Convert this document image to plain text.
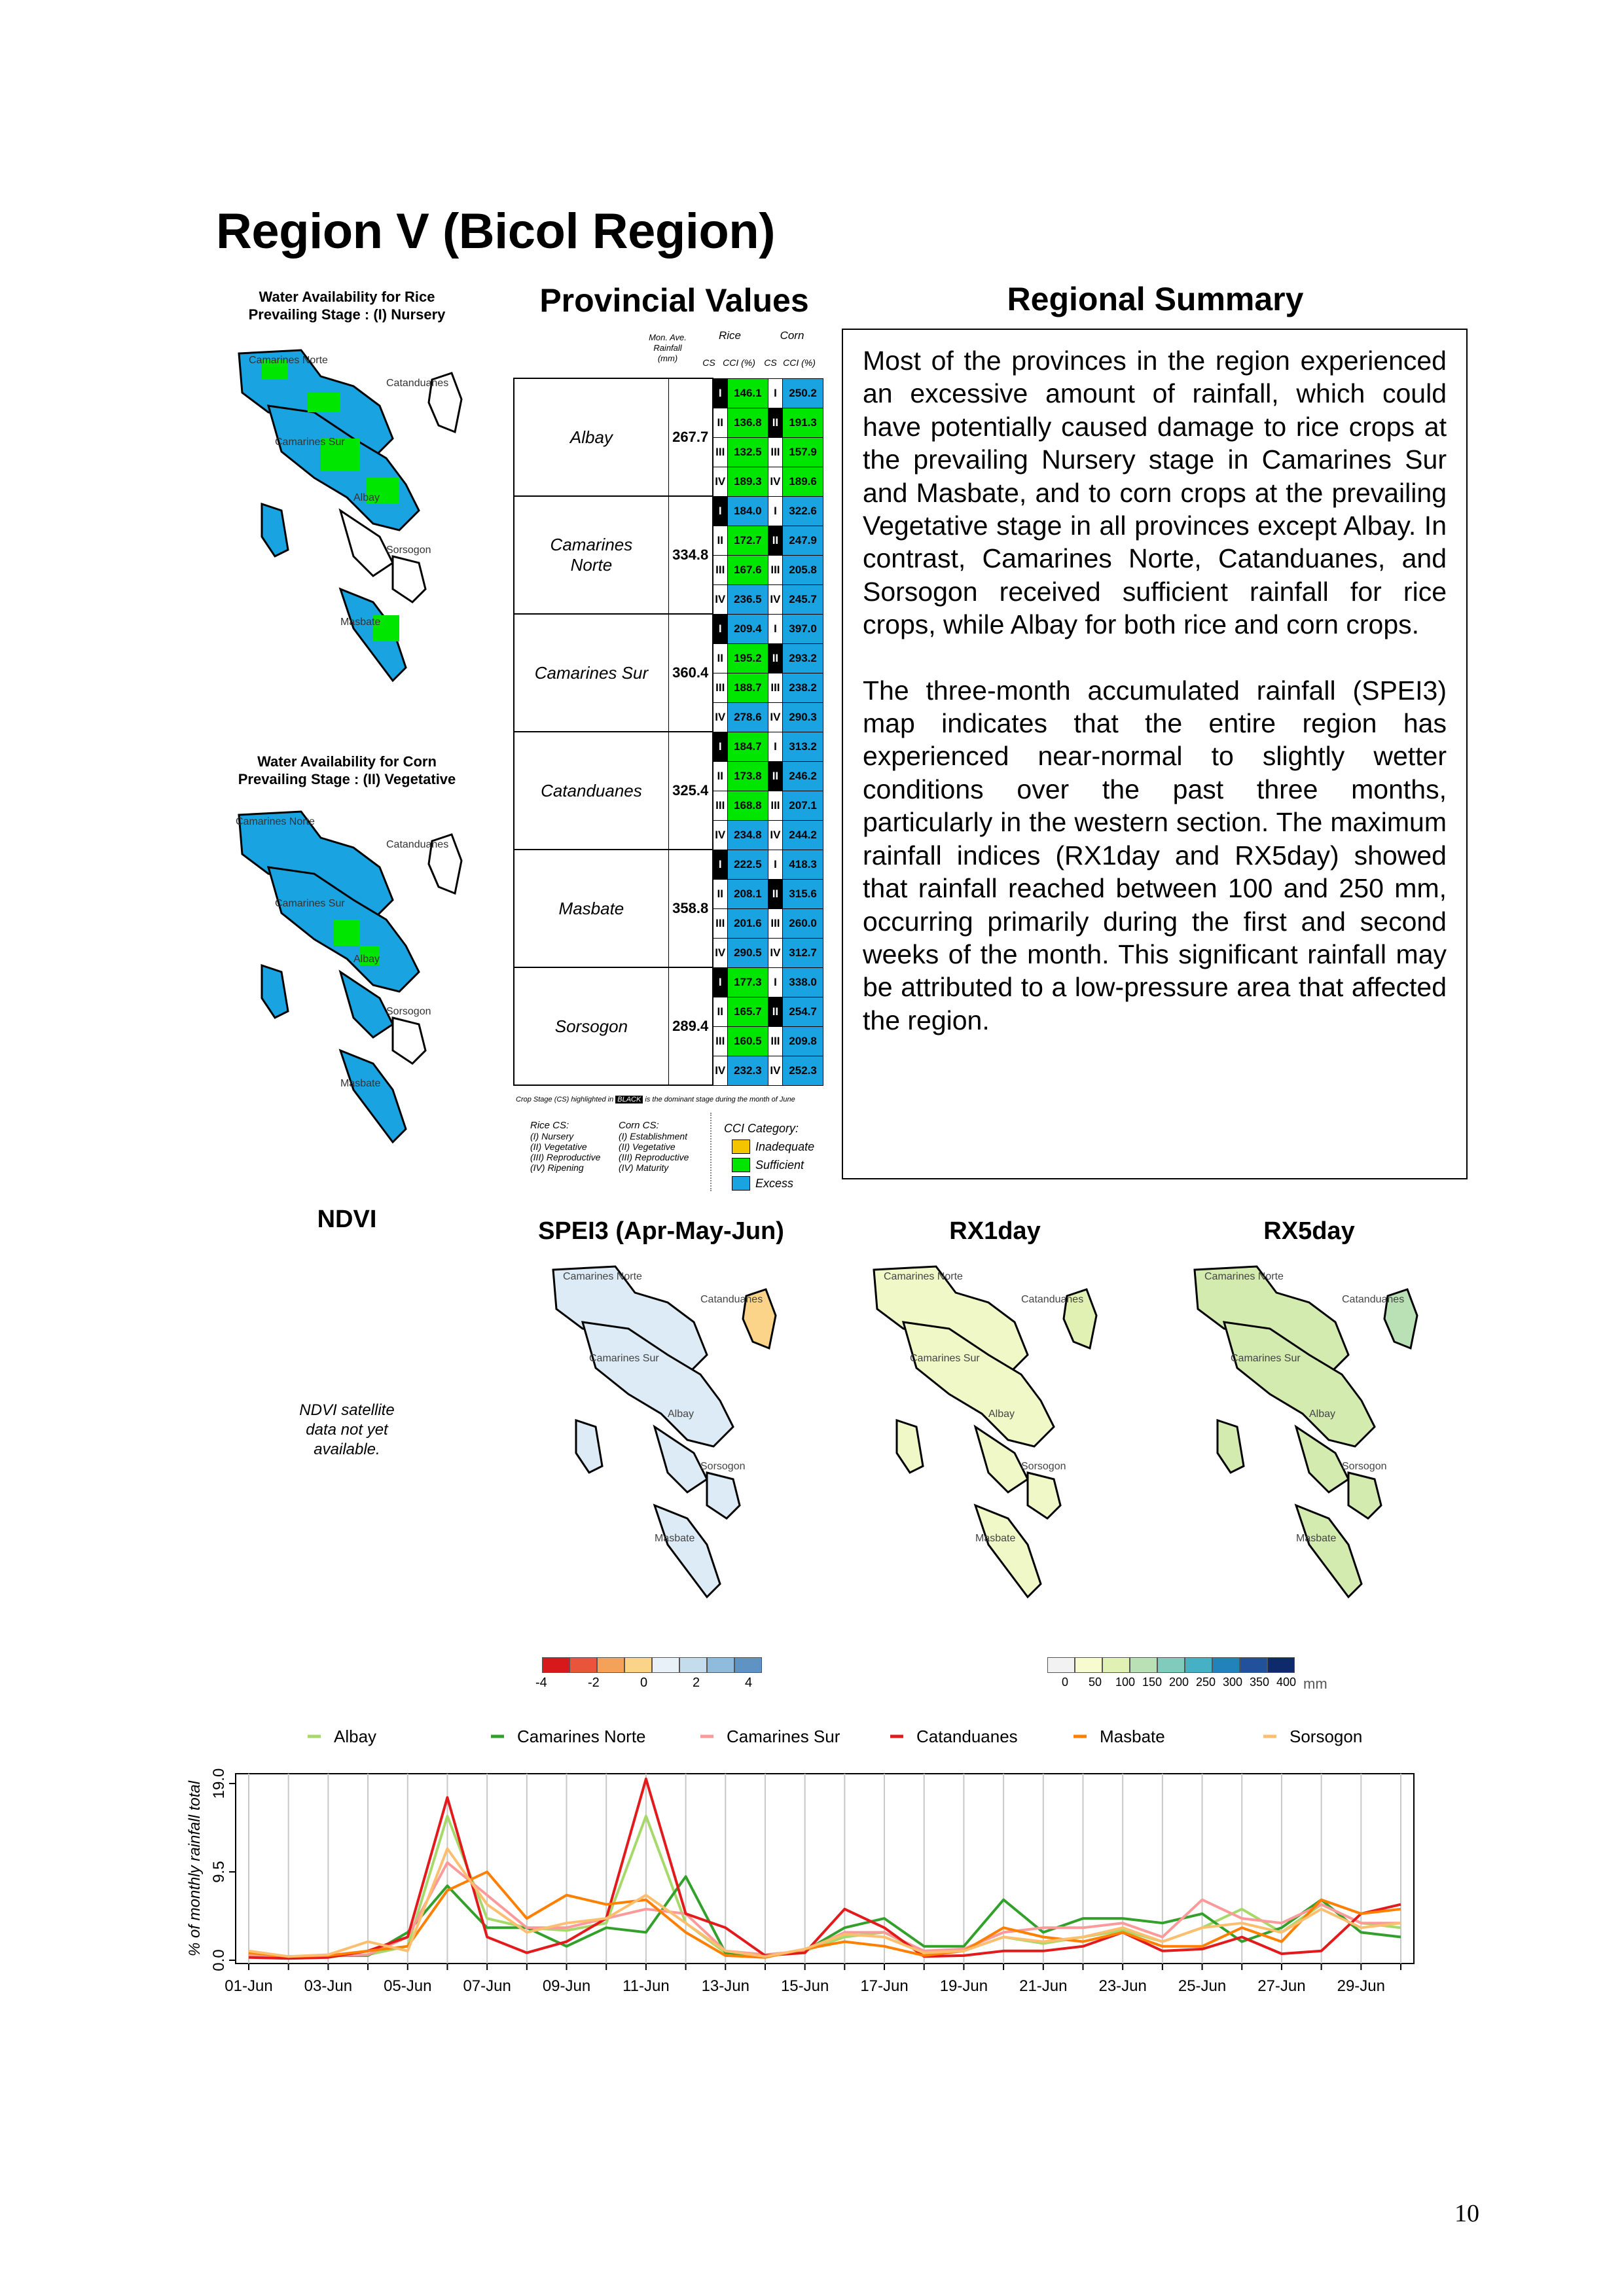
Region V (Bicol Region)
Water Availability for Rice
Prevailing Stage : (I) Nursery
Camarines Norte
Catanduanes
Camarines Sur
Albay
Sorsogon
Masbate
Water Availability for Corn
Prevailing Stage : (II) Vegetative
Camarines Norte
Catanduanes
Camarines Sur
Albay
Sorsogon
Masbate
Provincial Values
Mon. Ave. Rainfall (mm)
Rice	Corn
CS CCI (%) CS CCI (%)
Albay	267.7	I	146.1	I	250.2
		II	136.8	II	191.3
		III	132.5	III	157.9
		IV	189.3	IV	189.6
Camarines Norte	334.8	I	184.0	I	322.6
		II	172.7	II	247.9
		III	167.6	III	205.8
		IV	236.5	IV	245.7
Camarines Sur	360.4	I	209.4	I	397.0
		II	195.2	II	293.2
		III	188.7	III	238.2
		IV	278.6	IV	290.3
Catanduanes	325.4	I	184.7	I	313.2
		II	173.8	II	246.2
		III	168.8	III	207.1
		IV	234.8	IV	244.2
Masbate	358.8	I	222.5	I	418.3
		II	208.1	II	315.6
		III	201.6	III	260.0
		IV	290.5	IV	312.7
Sorsogon	289.4	I	177.3	I	338.0
		II	165.7	II	254.7
		III	160.5	III	209.8
		IV	232.3	IV	252.3
Crop Stage (CS) highlighted in BLACK is the dominant stage during the month of June
Rice CS:
(I) Nursery
(II) Vegetative
(III) Reproductive
(IV) Ripening
Corn CS:
(I) Establishment
(II) Vegetative
(III) Reproductive
(IV) Maturity
CCI Category:
Inadequate
Sufficient
Excess
Regional Summary

Most of the provinces in the region experienced an excessive amount of rainfall, which could have potentially caused damage to rice crops at the prevailing Nursery stage in Camarines Sur and Masbate, and to corn crops at the prevailing Vegetative stage in all provinces except Albay. In contrast, Camarines Norte, Catanduanes, and Sorsogon received sufficient rainfall for rice crops, while Albay for both rice and corn crops.

The three-month accumulated rainfall (SPEI3) map indicates that the entire region has experienced near-normal to slightly wetter conditions over the past three months, particularly in the western section. The maximum rainfall indices (RX1day and RX5day) showed that rainfall reached between 100 and 250 mm, occurring primarily during the first and second weeks of the month. This significant rainfall may be attributed to a low-pressure area that affected the region.

NDVI
NDVI satellite
data not yet
available.
SPEI3 (Apr-May-Jun)
Camarines Norte
Catanduanes
Camarines Sur
Albay
Sorsogon
Masbate
RX1day
Camarines Norte
Catanduanes
Camarines Sur
Albay
Sorsogon
Masbate
RX5day
Camarines Norte
Catanduanes
Camarines Sur
Albay
Sorsogon
Masbate
-4	-2	0	2	4	0 50 100 150 200 250 300 350 400 mm
Albay	Camarines Norte	Camarines Sur	Catanduanes	Masbate	Sorsogon
0.0
9.5
19.0
% of monthly rainfall total
01-Jun 03-Jun 05-Jun 07-Jun 09-Jun 11-Jun 13-Jun 15-Jun 17-Jun 19-Jun 21-Jun 23-Jun 25-Jun 27-Jun 29-Jun
10
